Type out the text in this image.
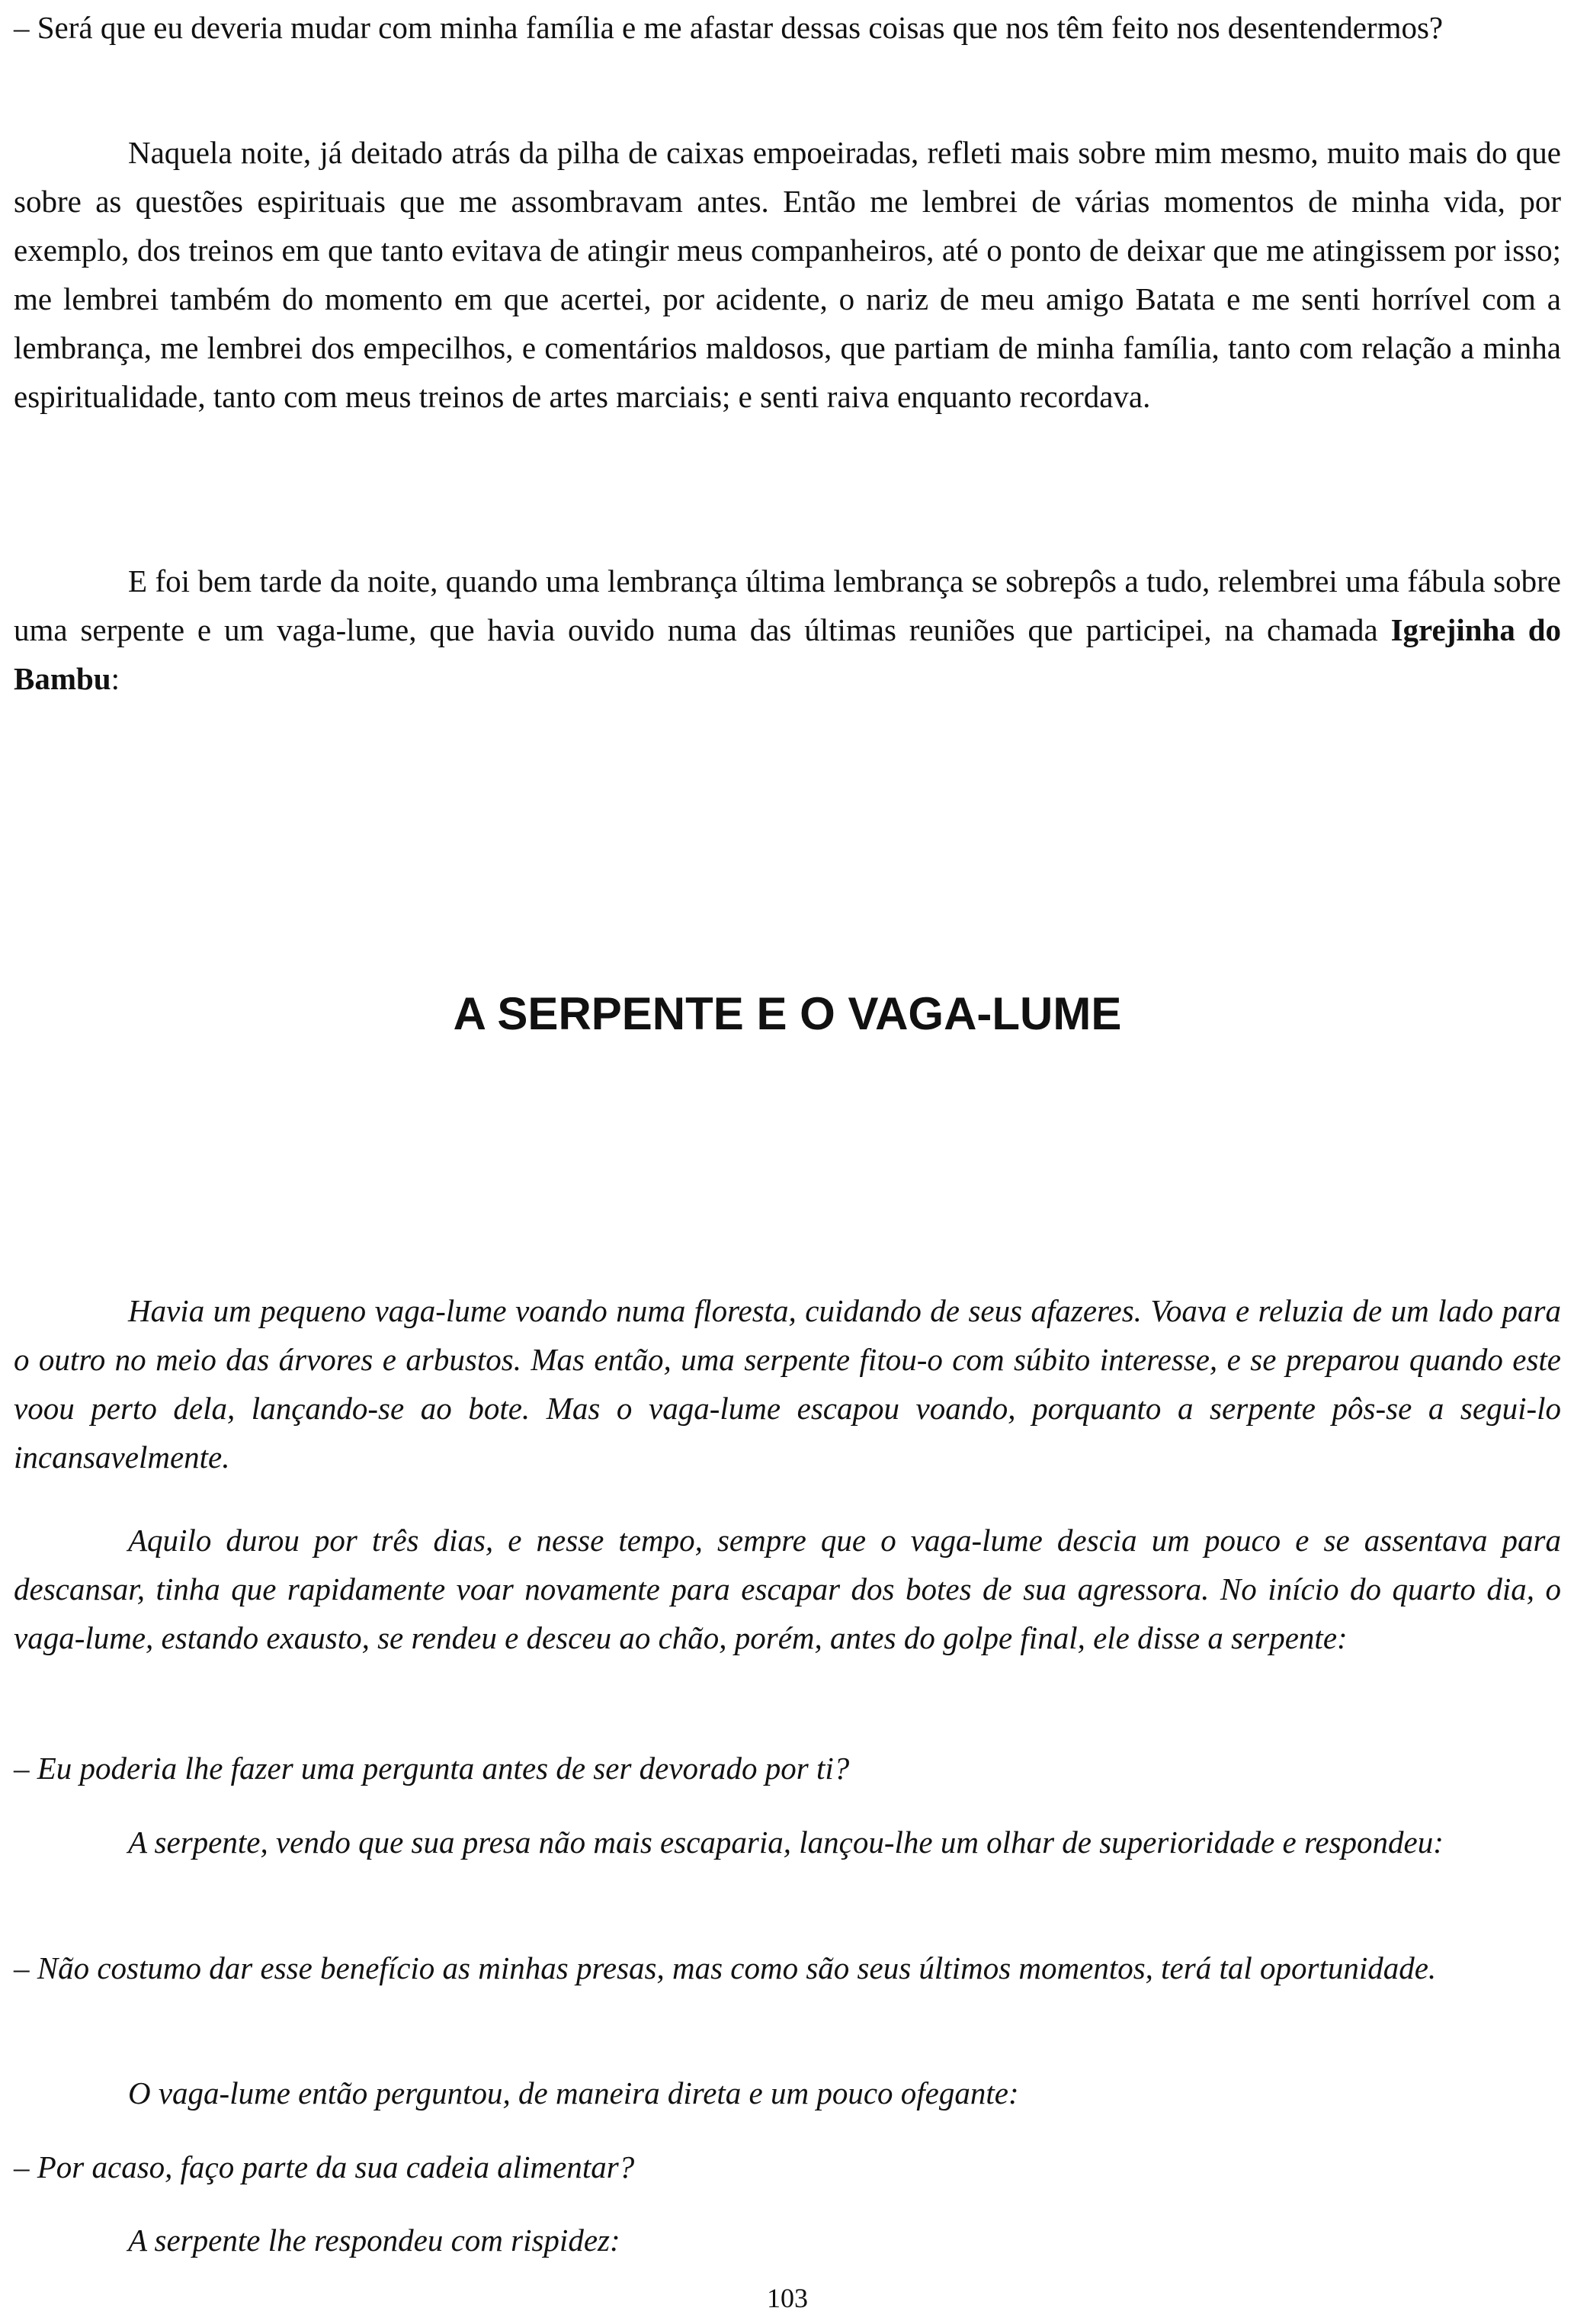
– Será que eu deveria mudar com minha família e me afastar dessas coisas que nos têm feito nos desentendermos?

Naquela noite, já deitado atrás da pilha de caixas empoeiradas, refleti mais sobre mim mesmo, muito mais do que sobre as questões espirituais que me assombravam antes. Então me lembrei de várias momentos de minha vida, por exemplo, dos treinos em que tanto evitava de atingir meus companheiros, até o ponto de deixar que me atingissem por isso; me lembrei também do momento em que acertei, por acidente, o nariz de meu amigo Batata e me senti horrível com a lembrança, me lembrei dos empecilhos, e comentários maldosos, que partiam de minha família, tanto com relação a minha espiritualidade, tanto com meus treinos de artes marciais; e senti raiva enquanto recordava.

E foi bem tarde da noite, quando uma lembrança última lembrança se sobrepôs a tudo, relembrei uma fábula sobre uma serpente e um vaga-lume, que havia ouvido numa das últimas reuniões que participei, na chamada Igrejinha do Bambu:

A SERPENTE E O VAGA-LUME

Havia um pequeno vaga-lume voando numa floresta, cuidando de seus afazeres. Voava e reluzia de um lado para o outro no meio das árvores e arbustos. Mas então, uma serpente fitou-o com súbito interesse, e se preparou quando este voou perto dela, lançando-se ao bote. Mas o vaga-lume escapou voando, porquanto a serpente pôs-se a segui-lo incansavelmente.

Aquilo durou por três dias, e nesse tempo, sempre que o vaga-lume descia um pouco e se assentava para descansar, tinha que rapidamente voar novamente para escapar dos botes de sua agressora. No início do quarto dia, o vaga-lume, estando exausto, se rendeu e desceu ao chão, porém, antes do golpe final, ele disse a serpente:

– Eu poderia lhe fazer uma pergunta antes de ser devorado por ti?

A serpente, vendo que sua presa não mais escaparia, lançou-lhe um olhar de superioridade e respondeu:

– Não costumo dar esse benefício as minhas presas, mas como são seus últimos momentos, terá tal oportunidade.

O vaga-lume então perguntou, de maneira direta e um pouco ofegante:

– Por acaso, faço parte da sua cadeia alimentar?

A serpente lhe respondeu com rispidez:

103
